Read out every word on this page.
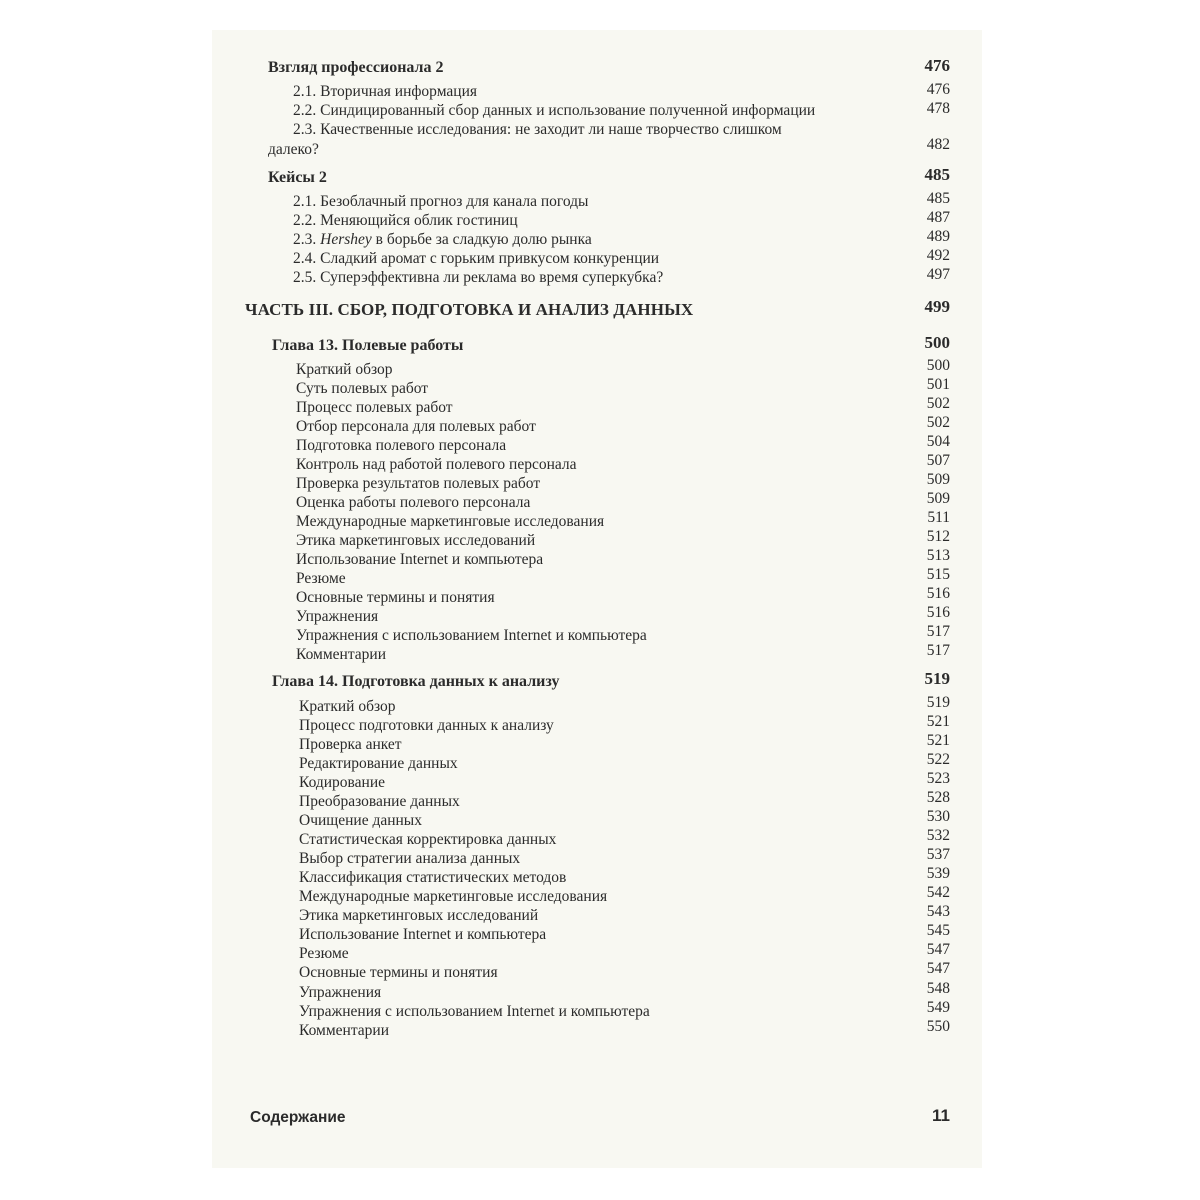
Взгляд профессионала 2	476
2.1. Вторичная информация	476
2.2. Синдицированный сбор данных и использование полученной информации	478
2.3. Качественные исследования: не заходит ли наше творчество слишком
далеко?	482
Кейсы 2	485
2.1. Безоблачный прогноз для канала погоды	485
2.2. Меняющийся облик гостиниц	487
2.3. Hershey в борьбе за сладкую долю рынка	489
2.4. Сладкий аромат с горьким привкусом конкуренции	492
2.5. Суперэффективна ли реклама во время суперкубка?	497
ЧАСТЬ III. СБОР, ПОДГОТОВКА И АНАЛИЗ ДАННЫХ	499
Глава 13. Полевые работы	500
Краткий обзор	500
Суть полевых работ	501
Процесс полевых работ	502
Отбор персонала для полевых работ	502
Подготовка полевого персонала	504
Контроль над работой полевого персонала	507
Проверка результатов полевых работ	509
Оценка работы полевого персонала	509
Международные маркетинговые исследования	511
Этика маркетинговых исследований	512
Использование Internet и компьютера	513
Резюме	515
Основные термины и понятия	516
Упражнения	516
Упражнения с использованием Internet и компьютера	517
Комментарии	517
Глава 14. Подготовка данных к анализу	519
Краткий обзор	519
Процесс подготовки данных к анализу	521
Проверка анкет	521
Редактирование данных	522
Кодирование	523
Преобразование данных	528
Очищение данных	530
Статистическая корректировка данных	532
Выбор стратегии анализа данных	537
Классификация статистических методов	539
Международные маркетинговые исследования	542
Этика маркетинговых исследований	543
Использование Internet и компьютера	545
Резюме	547
Основные термины и понятия	547
Упражнения	548
Упражнения с использованием Internet и компьютера	549
Комментарии	550
Содержание	11
